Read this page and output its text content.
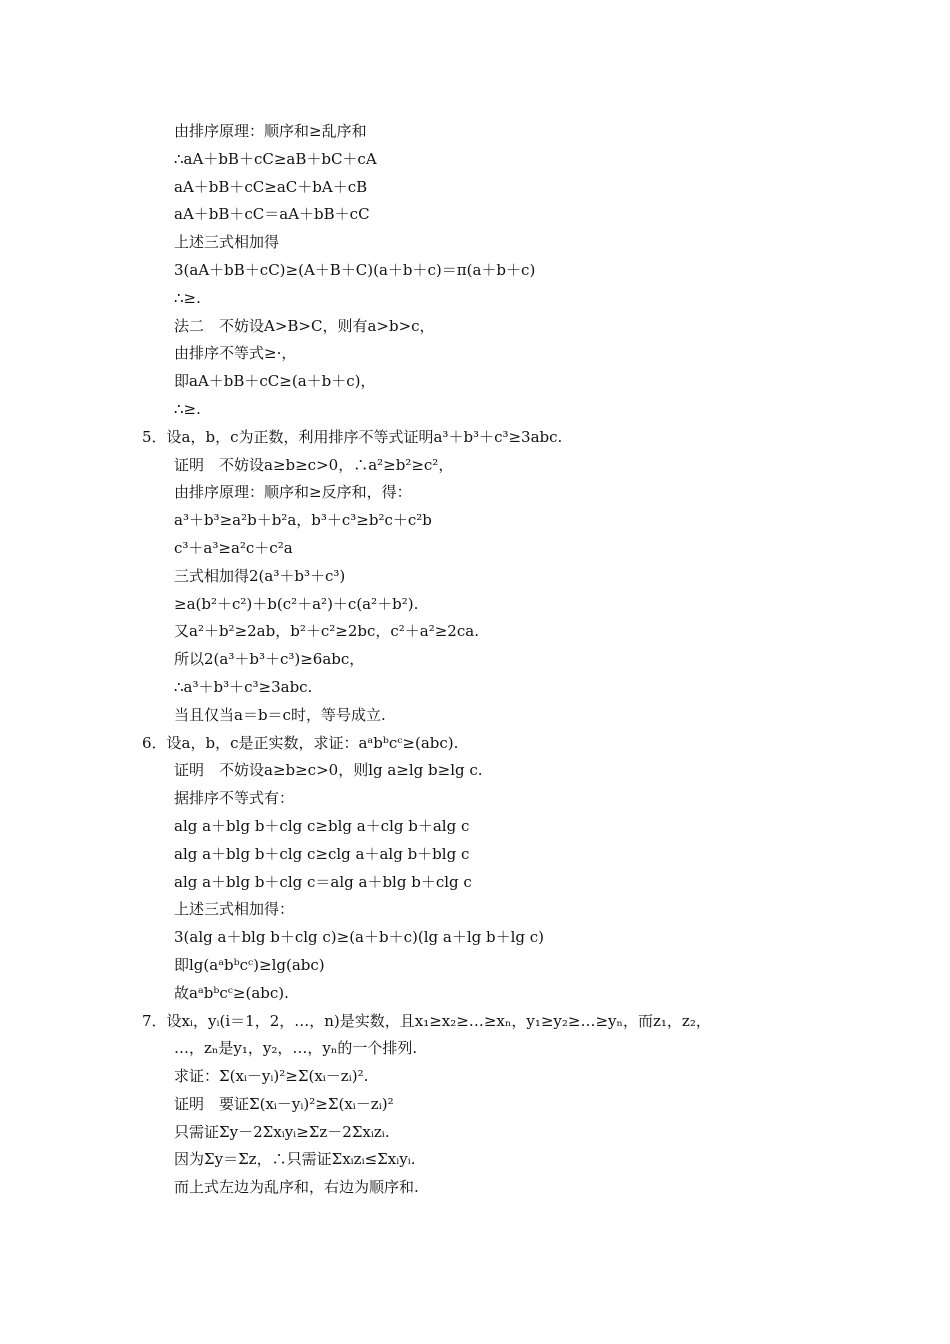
由排序原理：顺序和≥乱序和
∴aA＋bB＋cC≥aB＋bC＋cA
aA＋bB＋cC≥aC＋bA＋cB
aA＋bB＋cC＝aA＋bB＋cC
上述三式相加得
3(aA＋bB＋cC)≥(A＋B＋C)(a＋b＋c)＝π(a＋b＋c)
∴≥.
法二　不妨设A>B>C，则有a>b>c，
由排序不等式≥·，
即aA＋bB＋cC≥(a＋b＋c)，
∴≥.
5．设a，b，c为正数，利用排序不等式证明a³＋b³＋c³≥3abc.
证明　不妨设a≥b≥c>0，∴a²≥b²≥c²，
由排序原理：顺序和≥反序和，得：
a³＋b³≥a²b＋b²a，b³＋c³≥b²c＋c²b
c³＋a³≥a²c＋c²a
三式相加得2(a³＋b³＋c³)
≥a(b²＋c²)＋b(c²＋a²)＋c(a²＋b²).
又a²＋b²≥2ab，b²＋c²≥2bc，c²＋a²≥2ca.
所以2(a³＋b³＋c³)≥6abc，
∴a³＋b³＋c³≥3abc.
当且仅当a＝b＝c时，等号成立.
6．设a，b，c是正实数，求证：aᵃbᵇcᶜ≥(abc).
证明　不妨设a≥b≥c>0，则lg a≥lg b≥lg c.
据排序不等式有：
alg a＋blg b＋clg c≥blg a＋clg b＋alg c
alg a＋blg b＋clg c≥clg a＋alg b＋blg c
alg a＋blg b＋clg c＝alg a＋blg b＋clg c
上述三式相加得：
3(alg a＋blg b＋clg c)≥(a＋b＋c)(lg a＋lg b＋lg c)
即lg(aᵃbᵇcᶜ)≥lg(abc)
故aᵃbᵇcᶜ≥(abc).
7．设xᵢ，yᵢ(i＝1，2，…，n)是实数，且x₁≥x₂≥…≥xₙ，y₁≥y₂≥…≥yₙ，而z₁，z₂，
…，zₙ是y₁，y₂，…，yₙ的一个排列.
求证：Σ(xᵢ－yᵢ)²≥Σ(xᵢ－zᵢ)².
证明　要证Σ(xᵢ－yᵢ)²≥Σ(xᵢ－zᵢ)²
只需证Σy－2Σxᵢyᵢ≥Σz－2Σxᵢzᵢ.
因为Σy＝Σz，∴只需证Σxᵢzᵢ≤Σxᵢyᵢ.
而上式左边为乱序和，右边为顺序和.
